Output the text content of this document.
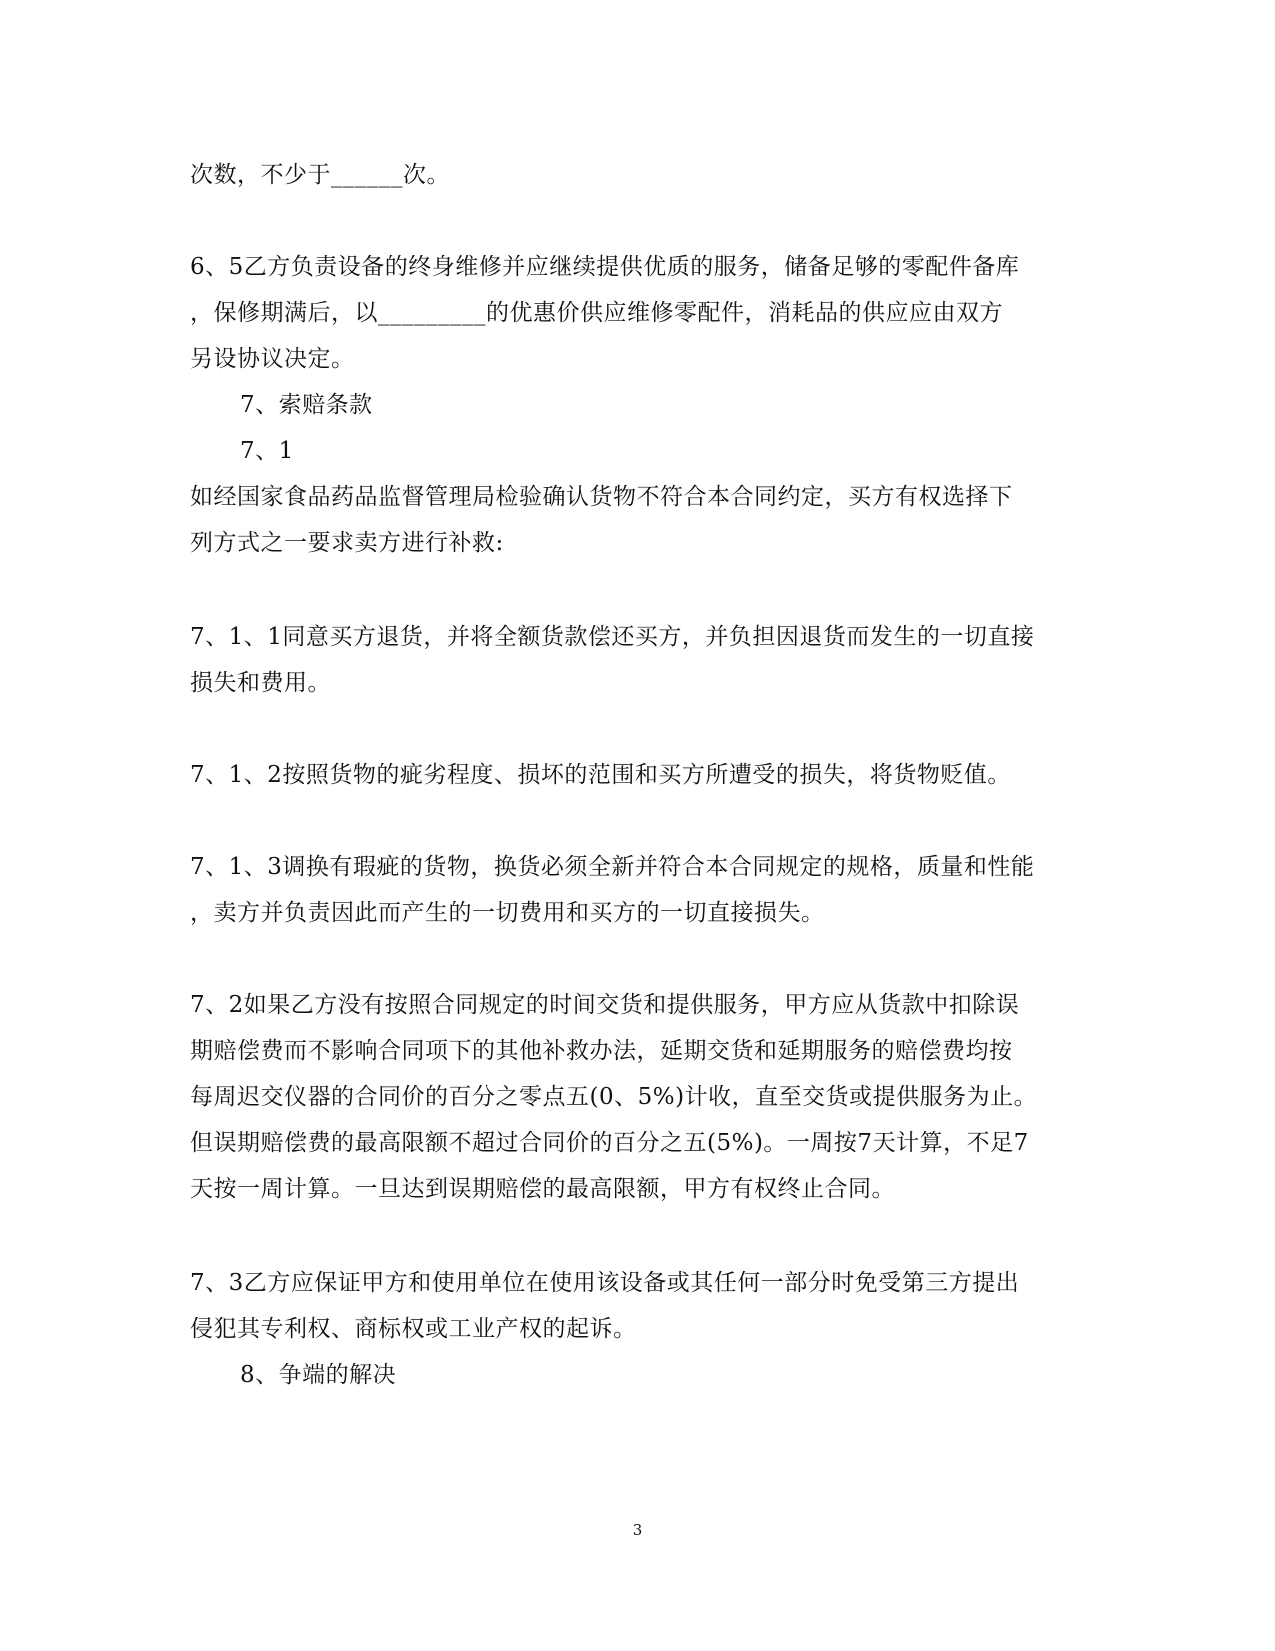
次数，不少于______次。
6、5乙方负责设备的终身维修并应继续提供优质的服务，储备足够的零配件备库
，保修期满后，以_________的优惠价供应维修零配件，消耗品的供应应由双方
另设协议决定。
7、索赔条款
7、1
如经国家食品药品监督管理局检验确认货物不符合本合同约定，买方有权选择下
列方式之一要求卖方进行补救:
7、1、1同意买方退货，并将全额货款偿还买方，并负担因退货而发生的一切直接
损失和费用。
7、1、2按照货物的疵劣程度、损坏的范围和买方所遭受的损失，将货物贬值。
7、1、3调换有瑕疵的货物，换货必须全新并符合本合同规定的规格，质量和性能
，卖方并负责因此而产生的一切费用和买方的一切直接损失。
7、2如果乙方没有按照合同规定的时间交货和提供服务，甲方应从货款中扣除误
期赔偿费而不影响合同项下的其他补救办法，延期交货和延期服务的赔偿费均按
每周迟交仪器的合同价的百分之零点五(0、5%)计收，直至交货或提供服务为止。
但误期赔偿费的最高限额不超过合同价的百分之五(5%)。一周按7天计算，不足7
天按一周计算。一旦达到误期赔偿的最高限额，甲方有权终止合同。
7、3乙方应保证甲方和使用单位在使用该设备或其任何一部分时免受第三方提出
侵犯其专利权、商标权或工业产权的起诉。
8、争端的解决
3
